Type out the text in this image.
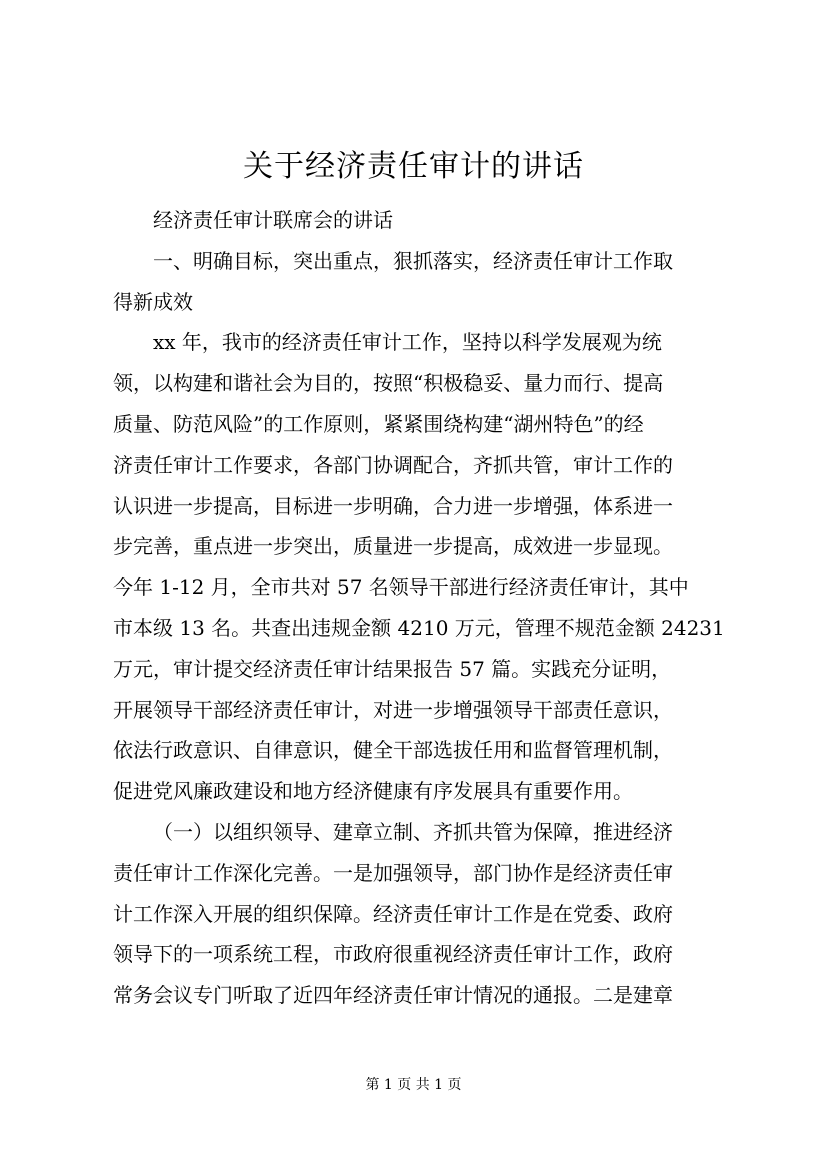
关于经济责任审计的讲话
经济责任审计联席会的讲话
一、明确目标，突出重点，狠抓落实，经济责任审计工作取
得新成效
xx 年，我市的经济责任审计工作，坚持以科学发展观为统
领，以构建和谐社会为目的，按照“积极稳妥、量力而行、提高
质量、防范风险”的工作原则，紧紧围绕构建“湖州特色”的经
济责任审计工作要求，各部门协调配合，齐抓共管，审计工作的
认识进一步提高，目标进一步明确，合力进一步增强，体系进一
步完善，重点进一步突出，质量进一步提高，成效进一步显现。
今年 1-12 月，全市共对 57 名领导干部进行经济责任审计，其中
市本级 13 名。共查出违规金额 4210 万元，管理不规范金额 24231
万元，审计提交经济责任审计结果报告 57 篇。实践充分证明，
开展领导干部经济责任审计，对进一步增强领导干部责任意识，
依法行政意识、自律意识，健全干部选拔任用和监督管理机制，
促进党风廉政建设和地方经济健康有序发展具有重要作用。
（一）以组织领导、建章立制、齐抓共管为保障，推进经济
责任审计工作深化完善。一是加强领导，部门协作是经济责任审
计工作深入开展的组织保障。经济责任审计工作是在党委、政府
领导下的一项系统工程，市政府很重视经济责任审计工作，政府
常务会议专门听取了近四年经济责任审计情况的通报。二是建章
第 1 页 共 1 页
